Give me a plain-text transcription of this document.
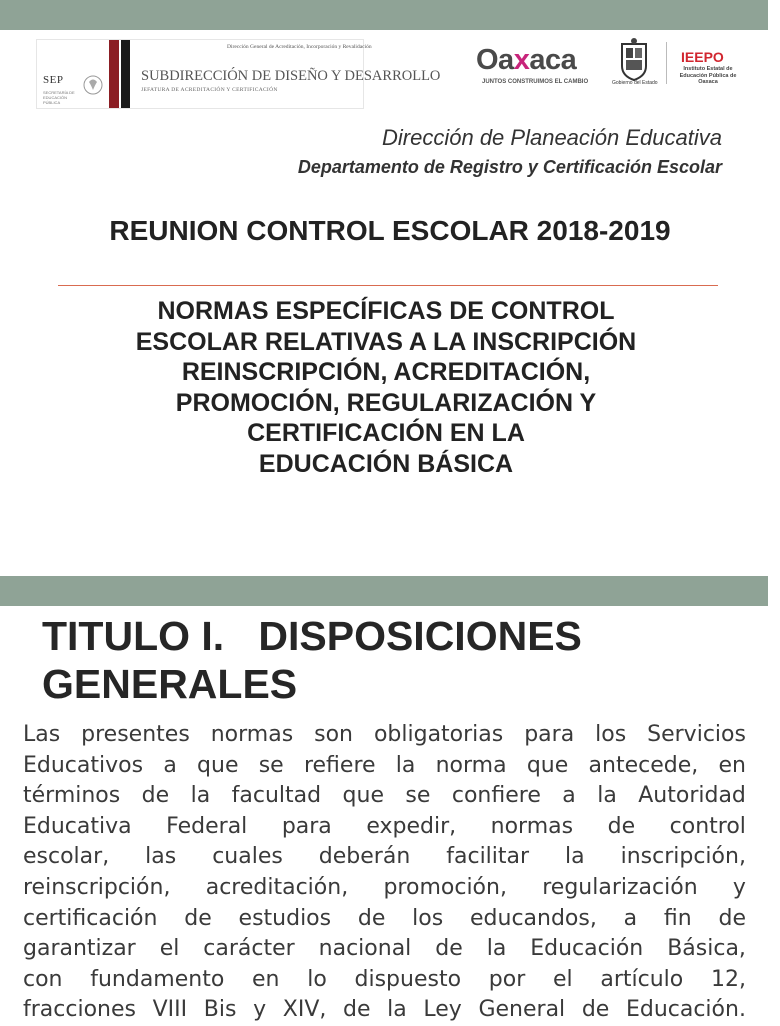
SEP
SECRETARÍA DE EDUCACIÓN PÚBLICA
Dirección General de Acreditación, Incorporación y Revalidación
SUBDIRECCIÓN DE DISEÑO Y DESARROLLO
JEFATURA DE ACREDITACIÓN Y CERTIFICACIÓN
Oaxaca
JUNTOS CONSTRUIMOS EL CAMBIO	Gobierno del Estado
IEEPO
Instituto Estatal de Educación Pública de Oaxaca
Dirección de Planeación Educativa
Departamento de Registro y Certificación Escolar
REUNION CONTROL ESCOLAR 2018-2019
NORMAS ESPECÍFICAS DE CONTROL
ESCOLAR RELATIVAS A LA INSCRIPCIÓN
REINSCRIPCIÓN, ACREDITACIÓN,
PROMOCIÓN, REGULARIZACIÓN Y
CERTIFICACIÓN EN LA
EDUCACIÓN BÁSICA
TITULO I.   DISPOSICIONES
GENERALES
Las presentes normas son obligatorias para los Servicios
Educativos a que se refiere la norma que antecede, en
términos de la facultad que se confiere a la Autoridad
Educativa Federal para expedir, normas de control
escolar, las cuales deberán facilitar la inscripción,
reinscripción, acreditación, promoción, regularización y
certificación de estudios de los educandos, a fin de
garantizar el carácter nacional de la Educación Básica,
con fundamento en lo dispuesto por el artículo 12,
fracciones VIII Bis y XIV, de la Ley General de Educación.
